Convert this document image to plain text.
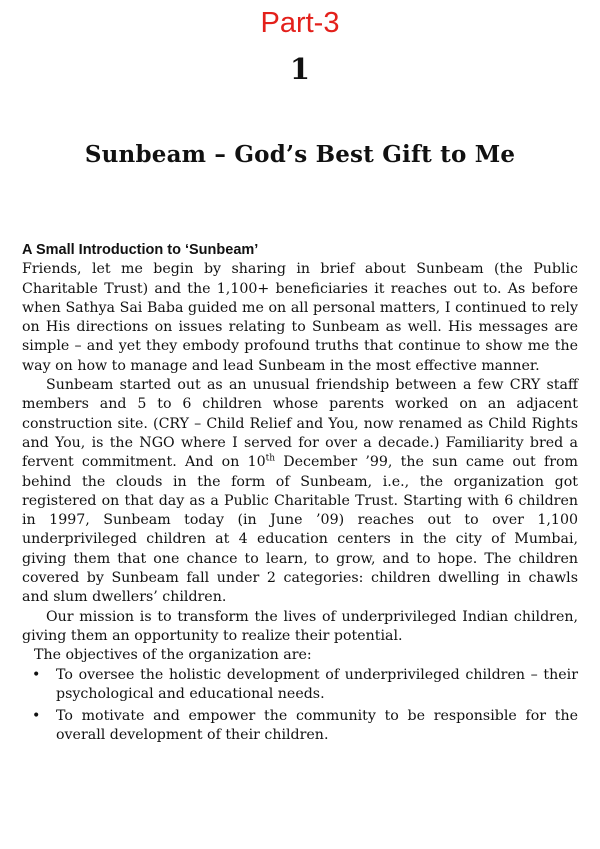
Part-3
1
Sunbeam – God’s Best Gift to Me

A Small Introduction to ‘Sunbeam’

Friends, let me begin by sharing in brief about Sunbeam (the Public Charitable Trust) and the 1,100+ beneficiaries it reaches out to. As before when Sathya Sai Baba guided me on all personal matters, I continued to rely on His directions on issues relating to Sunbeam as well. His messages are simple – and yet they embody profound truths that continue to show me the way on how to manage and lead Sunbeam in the most effective manner.

Sunbeam started out as an unusual friendship between a few CRY staff members and 5 to 6 children whose parents worked on an adjacent construction site. (CRY – Child Relief and You, now renamed as Child Rights and You, is the NGO where I served for over a decade.) Familiarity bred a fervent commitment. And on 10th December ’99, the sun came out from behind the clouds in the form of Sunbeam, i.e., the organization got registered on that day as a Public Charitable Trust. Starting with 6 children in 1997, Sunbeam today (in June ’09) reaches out to over 1,100 underprivileged children at 4 education centers in the city of Mumbai, giving them that one chance to learn, to grow, and to hope. The children covered by Sunbeam fall under 2 categories: children dwelling in chawls and slum dwellers’ children.

Our mission is to transform the lives of underprivileged Indian children, giving them an opportunity to realize their potential.

The objectives of the organization are:

• To oversee the holistic development of underprivileged children – their psychological and educational needs.
• To motivate and empower the community to be responsible for the overall development of their children.
